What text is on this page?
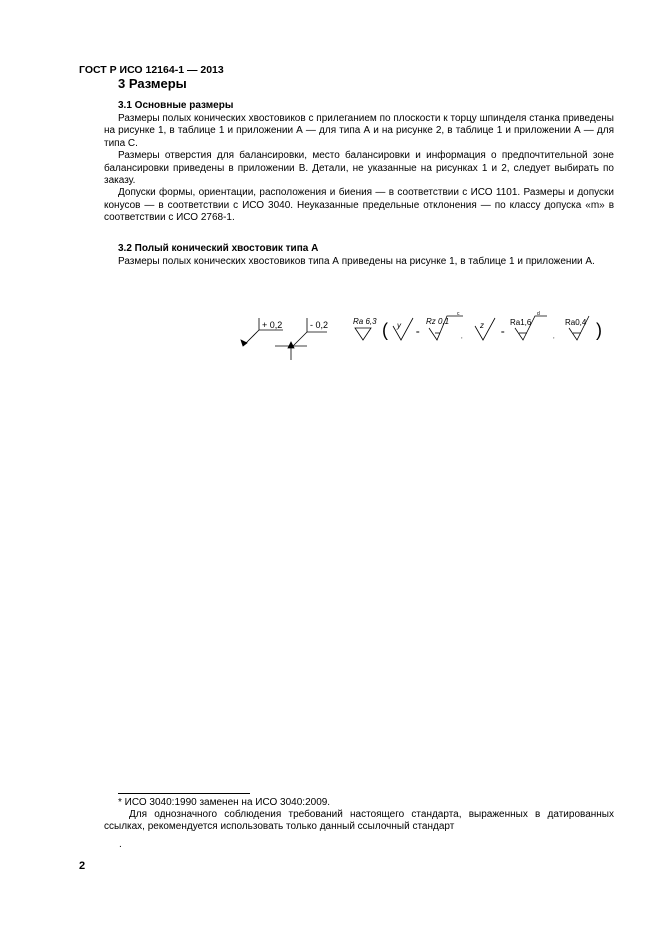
ГОСТ Р ИСО 12164-1 — 2013
3 Размеры
3.1 Основные размеры

Размеры полых конических хвостовиков с прилеганием по плоскости к торцу шпинделя станка приведены на рисунке 1, в таблице 1 и приложении А — для типа А и на рисунке 2, в таблице 1 и приложении А — для типа С.

Размеры отверстия для балансировки, место балансировки и информация о предпочтительной зоне балансировки приведены в приложении В. Детали, не указанные на рисунках 1 и 2, следует выбирать по заказу.

Допуски формы, ориентации, расположения и биения — в соответствии с ИСО 1101. Размеры и допуски конусов — в соответствии с ИСО 3040. Неуказанные предельные отклонения — по классу допуска «m» в соответствии с ИСО 2768-1.

3.2 Полый конический хвостовик типа А

Размеры полых конических хвостовиков типа А приведены на рисунке 1, в таблице 1 и приложении А.

+ 0,2	- 0,2	Ra 6,3 ( y
=
Rz 0,1
c
,
z
=
Ra1,6
d
,
Ra0,4 )
* ИСО 3040:1990 заменен на ИСО 3040:2009.

Для однозначного соблюдения требований настоящего стандарта, выраженных в датированных ссылках, рекомендуется использовать только данный ссылочный стандарт

.
2
